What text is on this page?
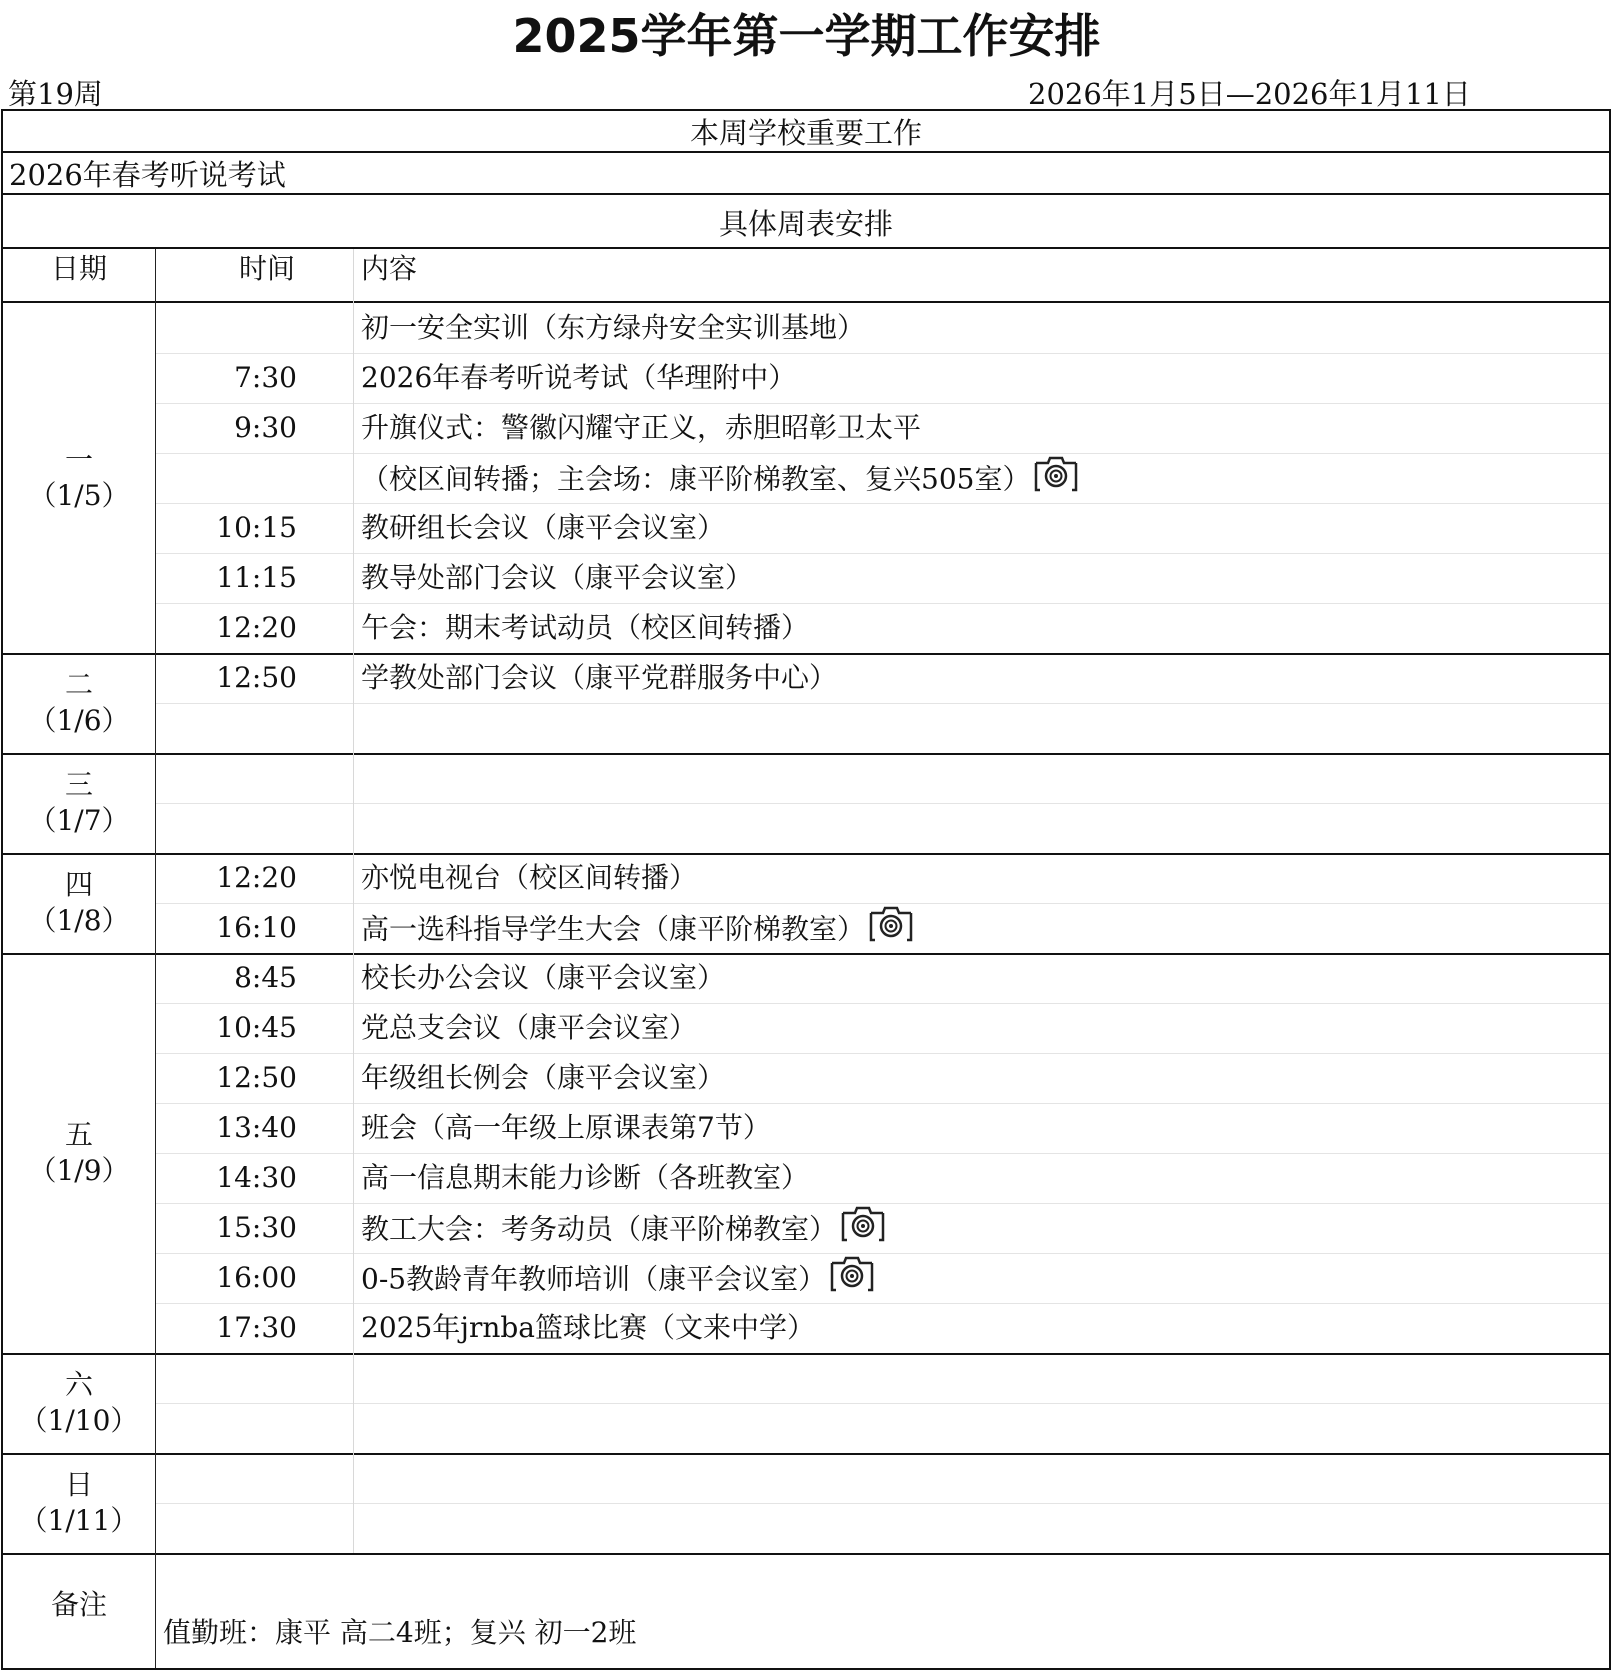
2025学年第一学期工作安排
第19周	2026年1月5日—2026年1月11日
本周学校重要工作
2026年春考听说考试
具体周表安排
日期	时间 内容
一
（1/5）
初一安全实训（东方绿舟安全实训基地）
7:30 2026年春考听说考试（华理附中）
9:30 升旗仪式：警徽闪耀守正义，赤胆昭彰卫太平
（校区间转播；主会场：康平阶梯教室、复兴505室）
10:15 教研组长会议（康平会议室）
11:15 教导处部门会议（康平会议室）
12:20 午会：期末考试动员（校区间转播）
二
（1/6）
12:50 学教处部门会议（康平党群服务中心）
三
（1/7）
四
（1/8）
12:20 亦悦电视台（校区间转播）
16:10 高一选科指导学生大会（康平阶梯教室）
五
（1/9）
8:45 校长办公会议（康平会议室）
10:45 党总支会议（康平会议室）
12:50 年级组长例会（康平会议室）
13:40 班会（高一年级上原课表第7节）
14:30 高一信息期末能力诊断（各班教室）
15:30 教工大会：考务动员（康平阶梯教室）
16:00 0-5教龄青年教师培训（康平会议室）
17:30 2025年jrnba篮球比赛（文来中学）
六
（1/10）
日
（1/11）
备注
值勤班：康平 高二4班；复兴 初一2班
